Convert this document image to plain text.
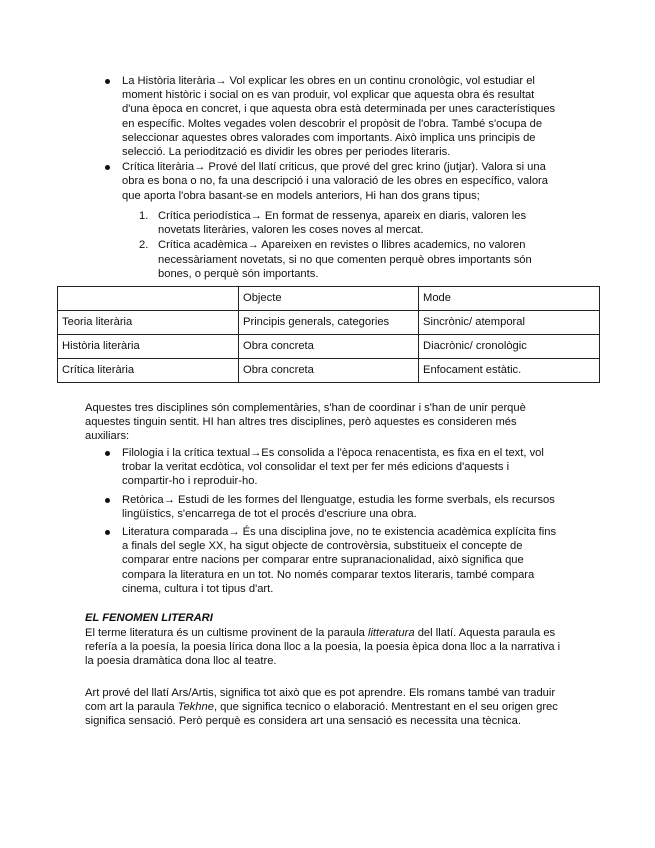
La Història literària→ Vol explicar les obres en un continu cronològic, vol estudiar el
moment històric i social on es van produir, vol explicar que aquesta obra és resultat
d'una època en concret, i que aquesta obra està determinada per unes característiques
en específic. Moltes vegades volen descobrir el propòsit de l'obra. També s'ocupa de
seleccionar aquestes obres valorades com importants. Això implica uns principis de
selecció. La periodització es dividir les obres per periodes literaris.
Crítica literària→ Prové del llatí criticus, que prové del grec krino (jutjar). Valora si una
obra es bona o no, fa una descripció i una valoració de les obres en específico, valora
que aporta l'obra basant-se en models anteriors, Hi han dos grans tipus;
1. Crítica periodística→ En format de ressenya, apareix en diaris, valoren les
novetats literàries, valoren les coses noves al mercat.
2. Crítica acadèmica→ Apareixen en revistes o llibres academics, no valoren
necessàriament novetats, si no que comenten perquè obres importants són
bones, o perquè són importants.
	Objecte	Mode
Teoria literària	Principis generals, categories	Sincrònic/ atemporal
Història literària	Obra concreta	Diacrònic/ cronològic
Crítica literària	Obra concreta	Enfocament estàtic.
Aquestes tres disciplines són complementàries, s'han de coordinar i s'han de unir perquè
aquestes tinguin sentit. HI han altres tres disciplines, però aquestes es consideren més
auxiliars:
Filologia i la crítica textual→Es consolida a l'època renacentista, es fixa en el text, vol
trobar la veritat ecdòtica, vol consolidar el text per fer més edicions d'aquests i
compartir-ho i reproduir-ho.
Retòrica→ Estudi de les formes del llenguatge, estudia les forme sverbals, els recursos
lingüístics, s'encarrega de tot el procés d'escriure una obra.
Literatura comparada→ És una disciplina jove, no te existencia acadèmica explícita fins
a finals del segle XX, ha sigut objecte de controvèrsia, substitueix el concepte de
comparar entre nacions per comparar entre supranacionalidad, això significa que
compara la literatura en un tot. No només comparar textos literaris, també compara
cinema, cultura i tot tipus d'art.
EL FENOMEN LITERARI
El terme literatura és un cultisme provinent de la paraula litteratura del llatí. Aquesta paraula es
refería a la poesía, la poesia lírica dona lloc a la poesia, la poesia èpica dona lloc a la narrativa i
la poesia dramàtica dona lloc al teatre.
Art prové del llatí Ars/Artis, significa tot això que es pot aprendre. Els romans també van traduir
com art la paraula Tekhne, que significa tecnico o elaboració. Mentrestant en el seu origen grec
significa sensació. Però perquè es considera art una sensació es necessita una tècnica.
